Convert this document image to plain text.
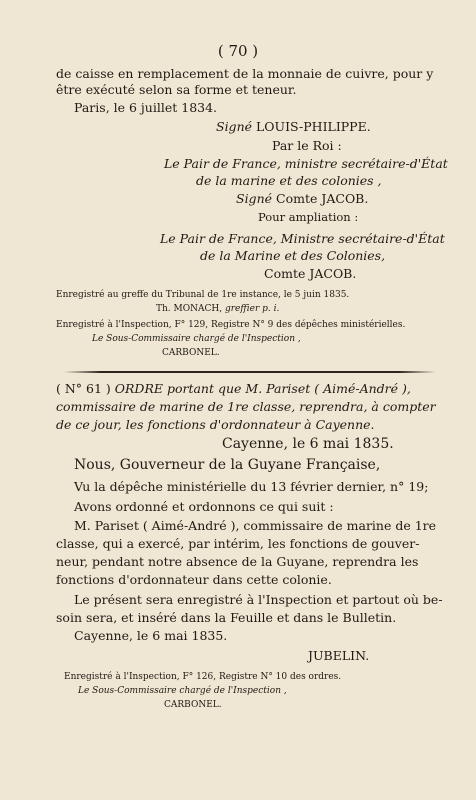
( 70 )
de caisse en remplacement de la monnaie de cuivre, pour y
être exécuté selon sa forme et teneur.
Paris, le 6 juillet 1834.
Signé LOUIS-PHILIPPE.
Par le Roi :
Le Pair de France, ministre secrétaire-d'État
de la marine et des colonies ,
Signé Comte JACOB.
Pour ampliation :
Le Pair de France, Ministre secrétaire-d'État
de la Marine et des Colonies,
Comte JACOB.
Enregistré au greffe du Tribunal de 1re instance, le 5 juin 1835.
Th. MONACH, greffier p. i.
Enregistré à l'Inspection, F° 129, Registre N° 9 des dépêches ministérielles.
Le Sous-Commissaire chargé de l'Inspection ,
CARBONEL.
( N° 61 ) ORDRE portant que M. Pariset ( Aimé-André ),
commissaire de marine de 1re classe, reprendra, à compter
de ce jour, les fonctions d'ordonnateur à Cayenne.
Cayenne, le 6 mai 1835.
Nous, Gouverneur de la Guyane Française,
Vu la dépêche ministérielle du 13 février dernier, n° 19;
Avons ordonné et ordonnons ce qui suit :
M. Pariset ( Aimé-André ), commissaire de marine de 1re
classe, qui a exercé, par intérim, les fonctions de gouver-
neur, pendant notre absence de la Guyane, reprendra les
fonctions d'ordonnateur dans cette colonie.
Le présent sera enregistré à l'Inspection et partout où be-
soin sera, et inséré dans la Feuille et dans le Bulletin.
Cayenne, le 6 mai 1835.
JUBELIN.
Enregistré à l'Inspection, F° 126, Registre N° 10 des ordres.
Le Sous-Commissaire chargé de l'Inspection ,
CARBONEL.
